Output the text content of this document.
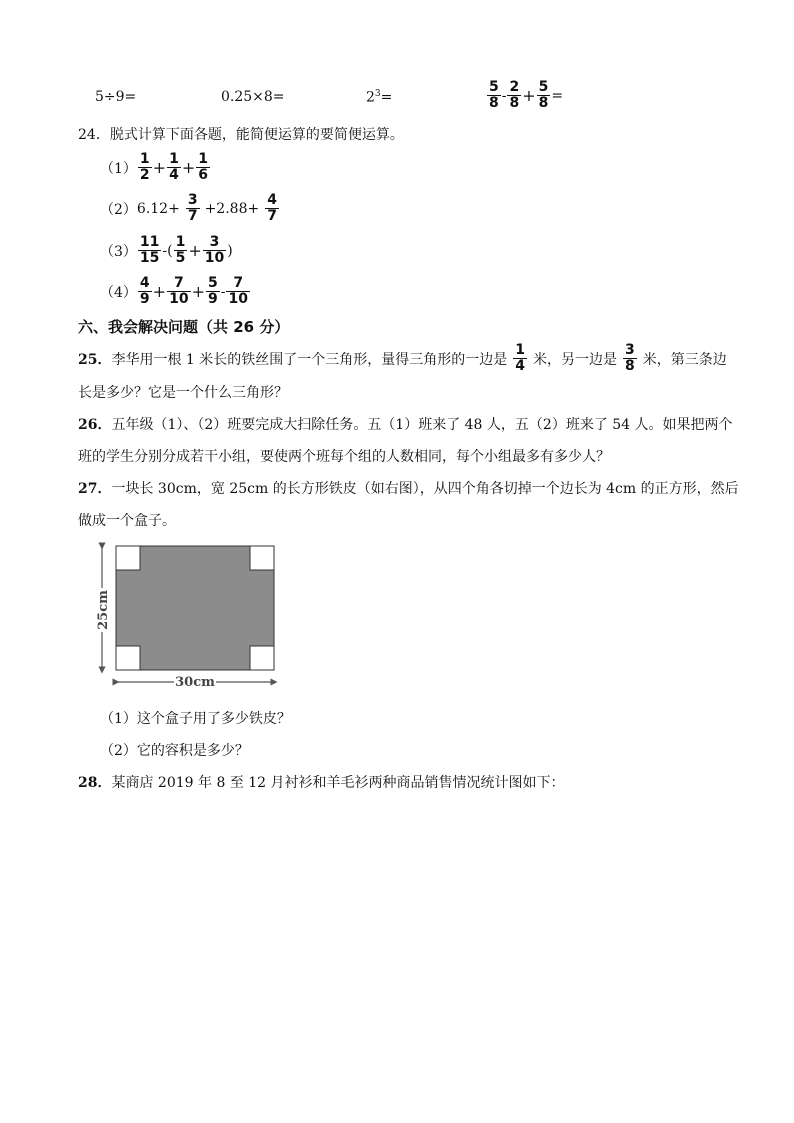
5÷9=	0.25×8=	$2^3=$	$\frac{5}{8} - \frac{2}{8} + \frac{5}{8}$ =
24．脱式计算下面各题，能简便运算的要简便运算。
$(1) \frac{1}{2} + \frac{1}{4} + \frac{1}{6}$
（2） $6.12+ \frac{3}{7} +2.88+ \frac{4}{7}$
$(3) \frac{11}{15}$ -( $\frac{1}{5} + \frac{3}{10}$ )
$(4) \frac{4}{9} + \frac{7}{10} + \frac{5}{9} - \frac{7}{10}$
六、我会解决问题（共 26 分）
25． 李华用一根 1 米长的铁丝围了一个三角形，量得三角形的一边是 $\frac{1}{4}$ 米，另一边是 $\frac{3}{8}$ 米，第三条边
长是多少？它是一个什么三角形？
26．五年级（1）、（2）班要完成大扫除任务。五（1）班来了 48 人，五（2）班来了 54 人。如果把两个
班的学生分别分成若干小组，要使两个班每个组的人数相同，每个小组最多有多少人？
27．一块长 30cm，宽 25cm 的长方形铁皮（如右图），从四个角各切掉一个边长为 4cm 的正方形，然后
做成一个盒子。
25cm
30cm
（1）这个盒子用了多少铁皮？
（2）它的容积是多少？
28．某商店 2019 年 8 至 12 月衬衫和羊毛衫两种商品销售情况统计图如下：
